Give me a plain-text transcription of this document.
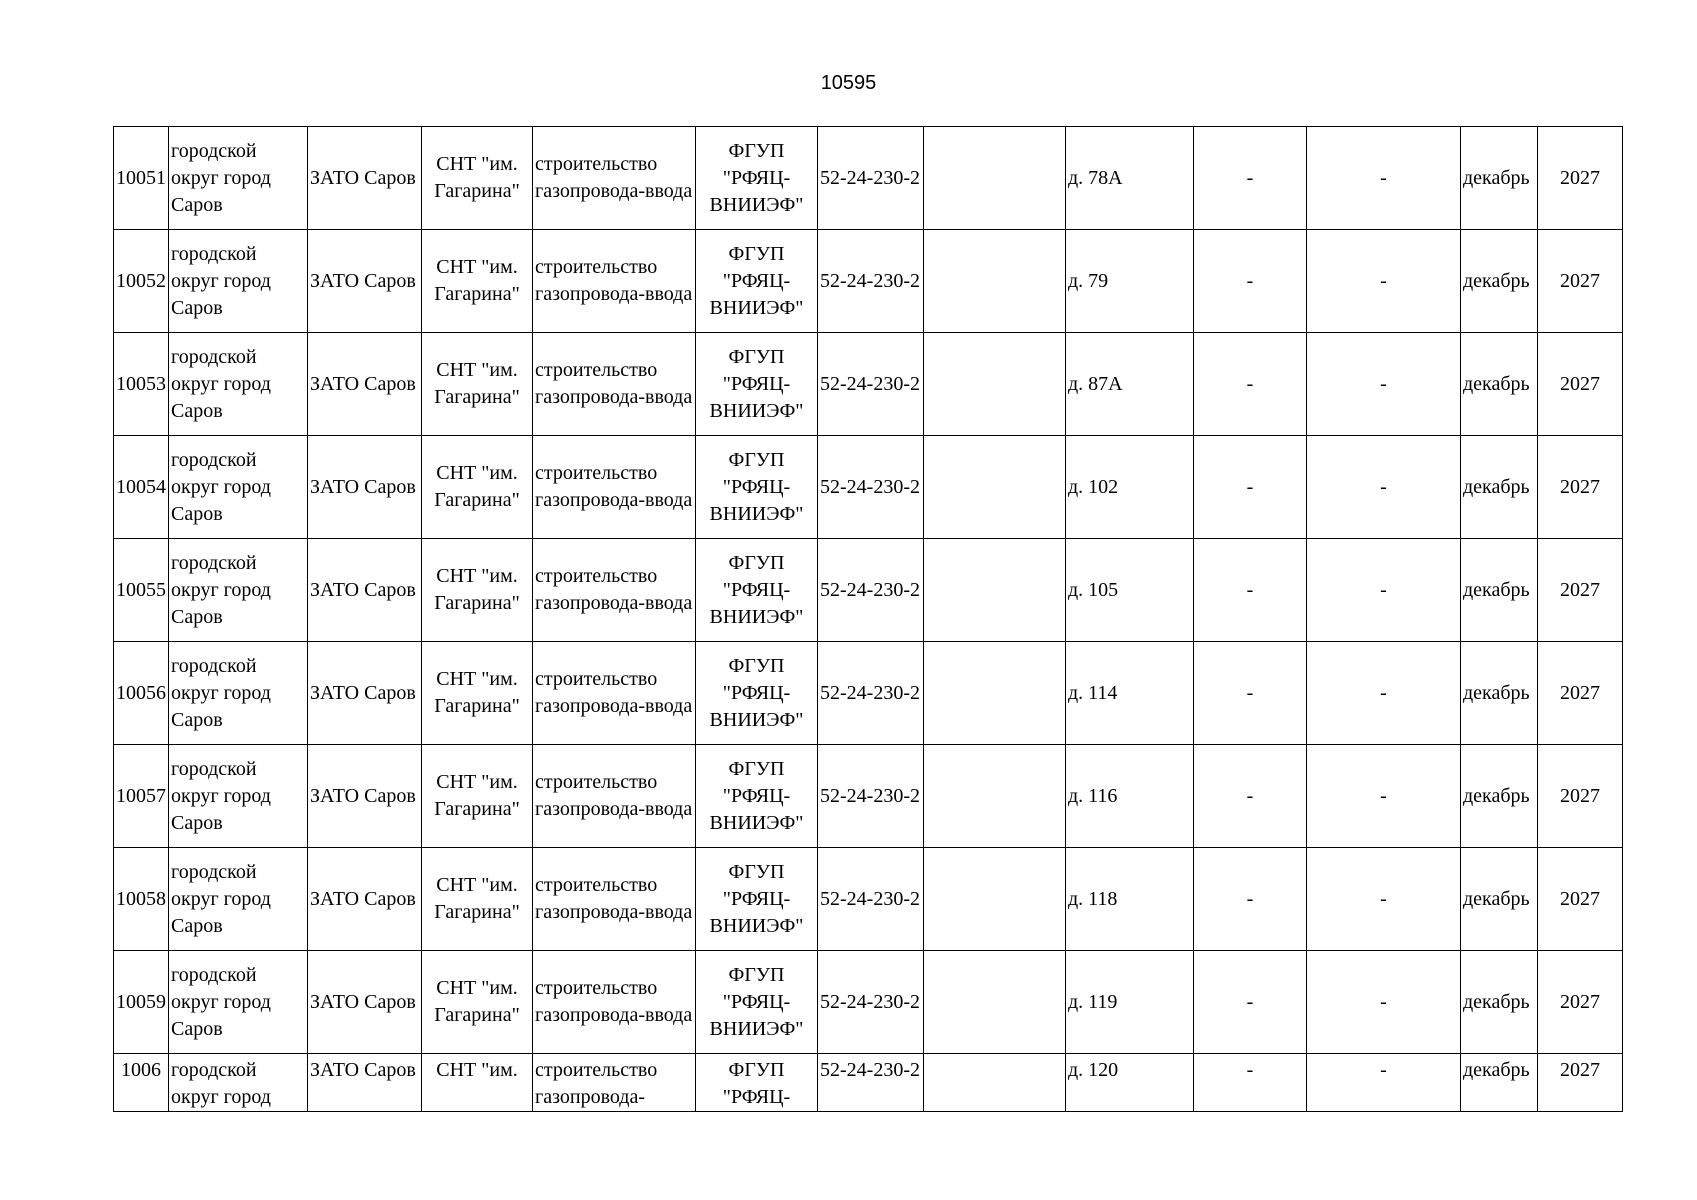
10595
10051	городской округ город Саров	ЗАТО Саров	СНТ "им. Гагарина"	строительство газопровода-ввода	ФГУП "РФЯЦ-ВНИИЭФ"	52-24-230-2		д. 78А	-	-	декабрь	2027
10052	городской округ город Саров	ЗАТО Саров	СНТ "им. Гагарина"	строительство газопровода-ввода	ФГУП "РФЯЦ-ВНИИЭФ"	52-24-230-2		д. 79	-	-	декабрь	2027
10053	городской округ город Саров	ЗАТО Саров	СНТ "им. Гагарина"	строительство газопровода-ввода	ФГУП "РФЯЦ-ВНИИЭФ"	52-24-230-2		д. 87А	-	-	декабрь	2027
10054	городской округ город Саров	ЗАТО Саров	СНТ "им. Гагарина"	строительство газопровода-ввода	ФГУП "РФЯЦ-ВНИИЭФ"	52-24-230-2		д. 102	-	-	декабрь	2027
10055	городской округ город Саров	ЗАТО Саров	СНТ "им. Гагарина"	строительство газопровода-ввода	ФГУП "РФЯЦ-ВНИИЭФ"	52-24-230-2		д. 105	-	-	декабрь	2027
10056	городской округ город Саров	ЗАТО Саров	СНТ "им. Гагарина"	строительство газопровода-ввода	ФГУП "РФЯЦ-ВНИИЭФ"	52-24-230-2		д. 114	-	-	декабрь	2027
10057	городской округ город Саров	ЗАТО Саров	СНТ "им. Гагарина"	строительство газопровода-ввода	ФГУП "РФЯЦ-ВНИИЭФ"	52-24-230-2		д. 116	-	-	декабрь	2027
10058	городской округ город Саров	ЗАТО Саров	СНТ "им. Гагарина"	строительство газопровода-ввода	ФГУП "РФЯЦ-ВНИИЭФ"	52-24-230-2		д. 118	-	-	декабрь	2027
10059	городской округ город Саров	ЗАТО Саров	СНТ "им. Гагарина"	строительство газопровода-ввода	ФГУП "РФЯЦ-ВНИИЭФ"	52-24-230-2		д. 119	-	-	декабрь	2027
1006	городской округ город	ЗАТО Саров	СНТ "им.	строительство газопровода-	ФГУП "РФЯЦ-	52-24-230-2		д. 120	-	-	декабрь	2027
